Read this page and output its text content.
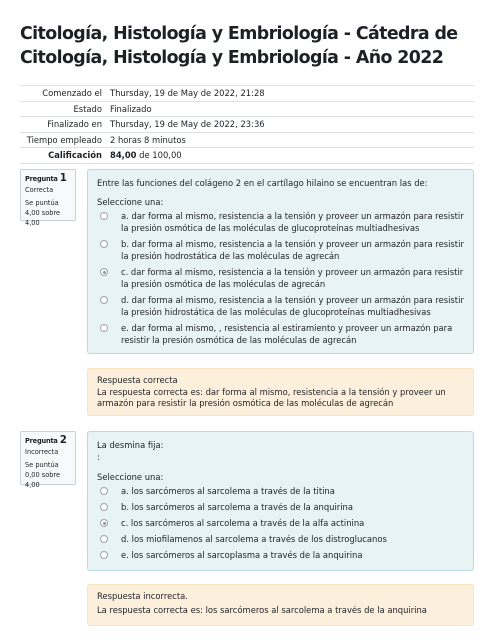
Citología, Histología y Embriología - Cátedra de Citología, Histología y Embriología - Año 2022
Comenzado el	Thursday, 19 de May de 2022, 21:28
Estado	Finalizado
Finalizado en	Thursday, 19 de May de 2022, 23:36
Tiempo empleado	2 horas 8 minutos
Calificación	84,00 de 100,00
Pregunta 1
Correcta
Se puntúa 4,00 sobre 4,00
Entre las funciones del colágeno 2 en el cartílago hilaino se encuentran las de:
Seleccione una:
a. dar forma al mismo, resistencia a la tensión y proveer un armazón para resistir la presión osmótica de las moléculas de glucoproteínas multiadhesivas
b. dar forma al mismo, resistencia a la tensión y proveer un armazón para resistir la presión hodrostática de las moléculas de agrecán
c. dar forma al mismo, resistencia a la tensión y proveer un armazón para resistir la presión osmótica de las moléculas de agrecán
d. dar forma al mismo, resistencia a la tensión y proveer un armazón para resistir la presión hidrostática de las moléculas de glucoproteínas multiadhesivas
e. dar forma al mismo, , resistencia al estiramiento y proveer un armazón para resistir la presión osmótica de las moléculas de agrecán
Respuesta correcta
La respuesta correcta es: dar forma al mismo, resistencia a la tensión y proveer un armazón para resistir la presión osmótica de las moléculas de agrecán
Pregunta 2
Incorrecta
Se puntúa 0,00 sobre 4,00
La desmina fija:
:
Seleccione una:
a. los sarcómeros al sarcolema a través de la titina
b. los sarcómeros al sarcolema a través de la anquirina
c. los sarcómeros al sarcolema a través de la alfa actinina
d. los miofilamenos al sarcolema a través de los distroglucanos
e. los sarcómeros al sarcoplasma a través de la anquirina
Respuesta incorrecta.
La respuesta correcta es: los sarcómeros al sarcolema a través de la anquirina
